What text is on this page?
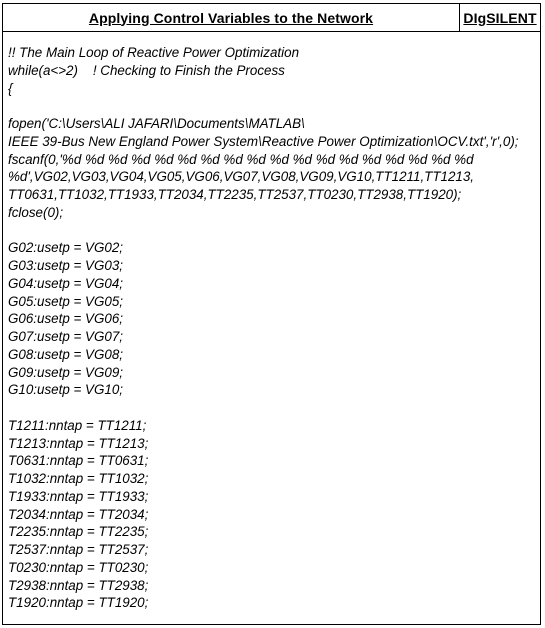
Applying Control Variables to the Network	DIgSILENT
!! The Main Loop of Reactive Power Optimization
while(a<>2)    ! Checking to Finish the Process
{
fopen('C:\Users\ALI JAFARI\Documents\MATLAB\
IEEE 39-Bus New England Power System\Reactive Power Optimization\OCV.txt','r',0);
fscanf(0,'%d %d %d %d %d %d %d %d %d %d %d %d %d %d %d %d %d %d
%d',VG02,VG03,VG04,VG05,VG06,VG07,VG08,VG09,VG10,TT1211,TT1213,
TT0631,TT1032,TT1933,TT2034,TT2235,TT2537,TT0230,TT2938,TT1920);
fclose(0);
G02:usetp = VG02;
G03:usetp = VG03;
G04:usetp = VG04;
G05:usetp = VG05;
G06:usetp = VG06;
G07:usetp = VG07;
G08:usetp = VG08;
G09:usetp = VG09;
G10:usetp = VG10;
T1211:nntap = TT1211;
T1213:nntap = TT1213;
T0631:nntap = TT0631;
T1032:nntap = TT1032;
T1933:nntap = TT1933;
T2034:nntap = TT2034;
T2235:nntap = TT2235;
T2537:nntap = TT2537;
T0230:nntap = TT0230;
T2938:nntap = TT2938;
T1920:nntap = TT1920;
